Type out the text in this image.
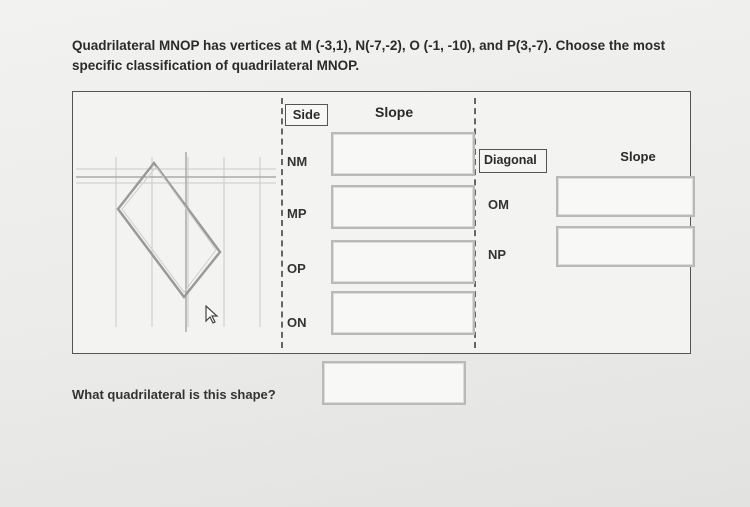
Quadrilateral MNOP has vertices at M (-3,1), N(-7,-2), O (-1, -10), and P(3,-7). Choose the most specific classification of quadrilateral MNOP.
Side	Slope
NM
MP
OP
ON
Diagonal	Slope
OM
NP
What quadrilateral is this shape?
